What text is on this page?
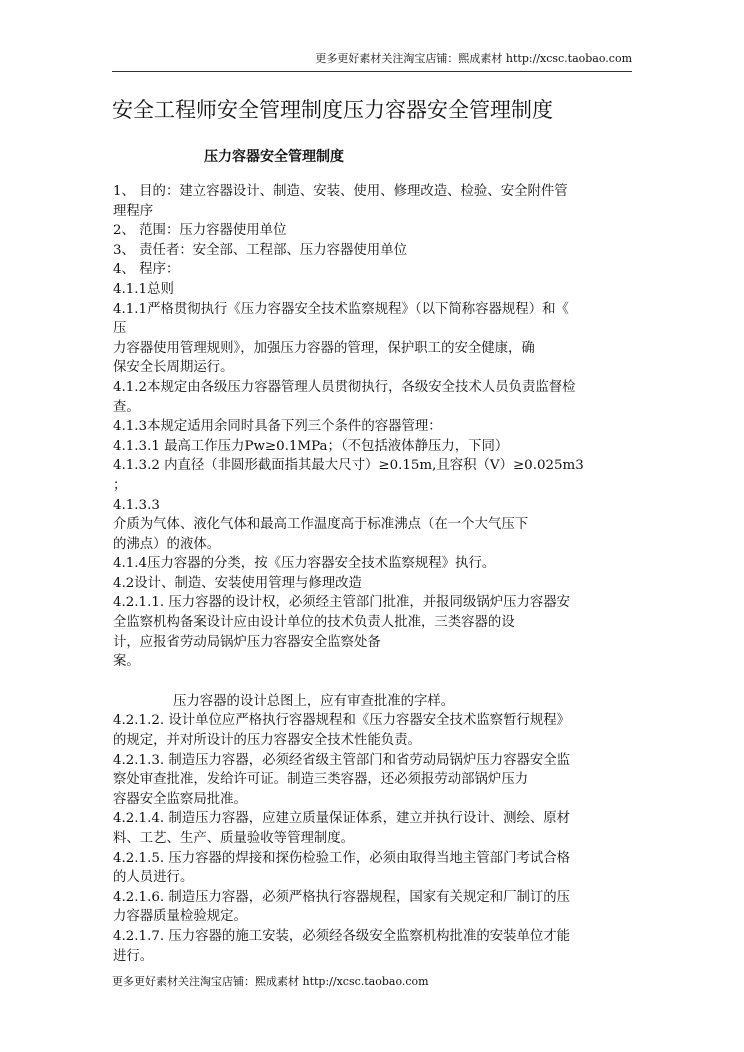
更多更好素材关注淘宝店铺：熙成素材 http://xcsc.taobao.com
安全工程师安全管理制度压力容器安全管理制度
压力容器安全管理制度
1、 目的：建立容器设计、制造、安装、使用、修理改造、检验、安全附件管
理程序
2、 范围：压力容器使用单位
3、 责任者：安全部、工程部、压力容器使用单位
4、 程序：
4.1.1总则
4.1.1严格贯彻执行《压力容器安全技术监察规程》（以下简称容器规程）和《
压
力容器使用管理规则》，加强压力容器的管理，保护职工的安全健康，确
保安全长周期运行。
4.1.2本规定由各级压力容器管理人员贯彻执行，各级安全技术人员负责监督检
查。
4.1.3本规定适用余同时具备下列三个条件的容器管理：
4.1.3.1 最高工作压力Pw≥0.1MPa；（不包括液体静压力，下同）
4.1.3.2 内直径（非圆形截面指其最大尺寸）≥0.15m,且容积（V）≥0.025m3
；
4.1.3.3
介质为气体、液化气体和最高工作温度高于标准沸点（在一个大气压下
的沸点）的液体。
4.1.4压力容器的分类，按《压力容器安全技术监察规程》执行。
4.2设计、制造、安装使用管理与修理改造
4.2.1.1. 压力容器的设计权，必须经主管部门批准，并报同级锅炉压力容器安
全监察机构备案设计应由设计单位的技术负责人批准，三类容器的设
计，应报省劳动局锅炉压力容器安全监察处备
案。
压力容器的设计总图上，应有审查批准的字样。
4.2.1.2. 设计单位应严格执行容器规程和《压力容器安全技术监察暂行规程》
的规定，并对所设计的压力容器安全技术性能负责。
4.2.1.3. 制造压力容器，必须经省级主管部门和省劳动局锅炉压力容器安全监
察处审查批准，发给许可证。制造三类容器，还必须报劳动部锅炉压力
容器安全监察局批准。
4.2.1.4. 制造压力容器，应建立质量保证体系，建立并执行设计、测绘、原材
料、工艺、生产、质量验收等管理制度。
4.2.1.5. 压力容器的焊接和探伤检验工作，必须由取得当地主管部门考试合格
的人员进行。
4.2.1.6. 制造压力容器，必须严格执行容器规程，国家有关规定和厂制订的压
力容器质量检验规定。
4.2.1.7. 压力容器的施工安装，必须经各级安全监察机构批准的安装单位才能
进行。
更多更好素材关注淘宝店铺：熙成素材 http://xcsc.taobao.com
